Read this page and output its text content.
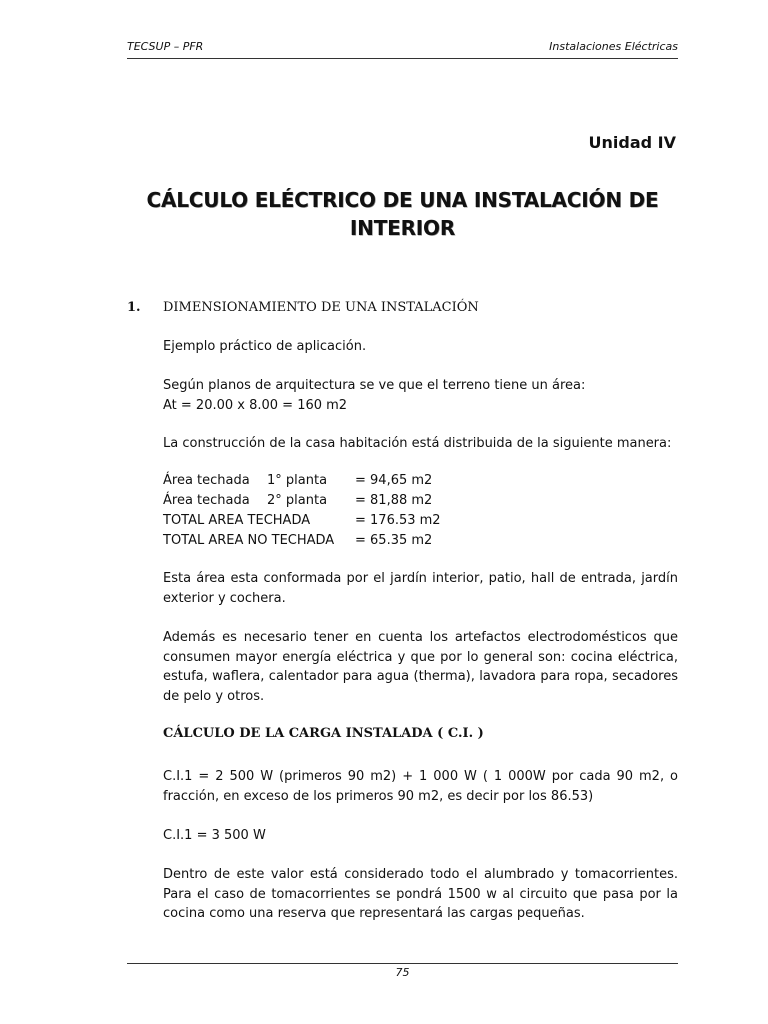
TECSUP – PFR	Instalaciones Eléctricas
Unidad IV
CÁLCULO ELÉCTRICO DE UNA INSTALACIÓN DE
INTERIOR
1. DIMENSIONAMIENTO DE UNA INSTALACIÓN

Ejemplo práctico de aplicación.

Según planos de arquitectura se ve que el terreno tiene un área:

At = 20.00 x 8.00 = 160 m2

La construcción de la casa habitación está distribuida de la siguiente manera:

Área techada	1° planta	= 94,65 m2
Área techada	2° planta	= 81,88 m2
TOTAL AREA TECHADA		= 176.53 m2
TOTAL AREA NO TECHADA		= 65.35 m2

Esta área esta conformada por el jardín interior, patio, hall de entrada, jardín exterior y cochera.

Además es necesario tener en cuenta los artefactos electrodomésticos que consumen mayor energía eléctrica y que por lo general son: cocina eléctrica, estufa, waflera, calentador para agua (therma), lavadora para ropa, secadores de pelo y otros.

CÁLCULO DE LA CARGA INSTALADA ( C.I. )

C.I.1 = 2 500 W (primeros 90 m2) + 1 000 W ( 1 000W por cada 90 m2, o fracción, en exceso de los primeros 90 m2, es decir por los 86.53)

C.I.1 = 3 500 W

Dentro de este valor está considerado todo el alumbrado y tomacorrientes. Para el caso de tomacorrientes se pondrá 1500 w al circuito que pasa por la cocina como una reserva que representará las cargas pequeñas.

75
